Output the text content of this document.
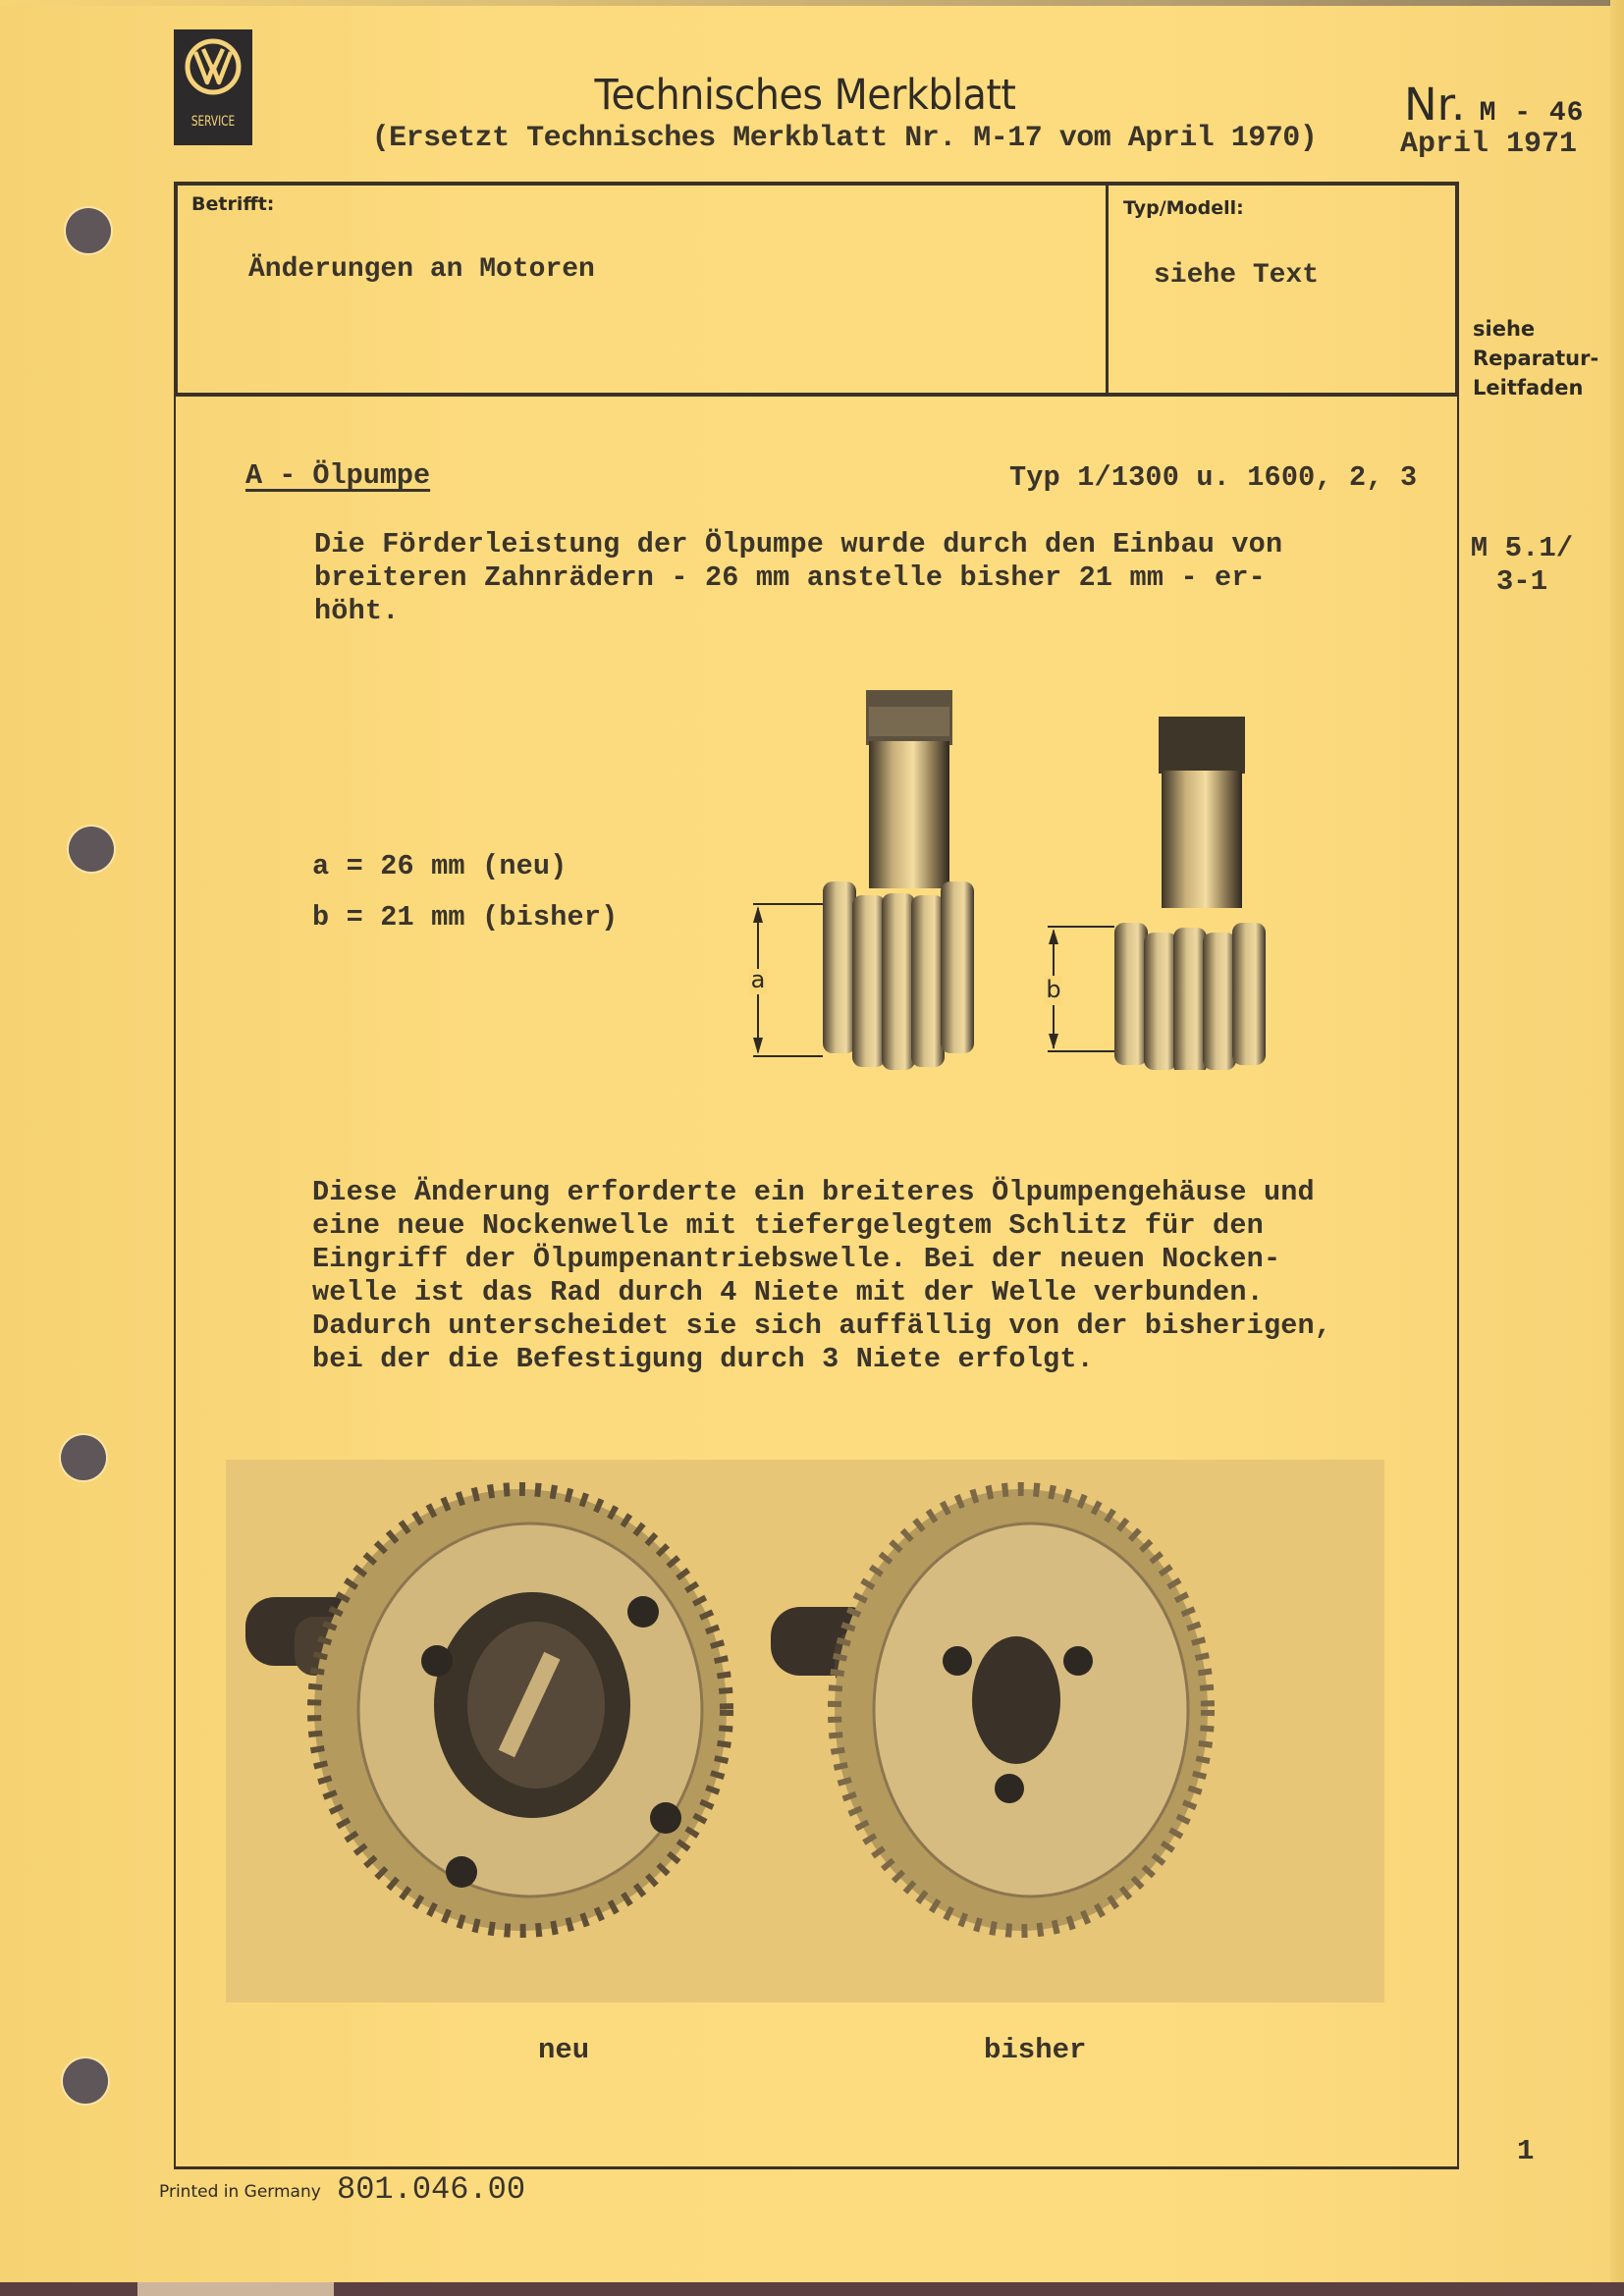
SERVICE
Technisches Merkblatt
(Ersetzt Technisches Merkblatt Nr. M-17 vom April 1970)
Nr. M - 46
April 1971
Betrifft:
Änderungen an Motoren
Typ/Modell:
siehe Text
siehe
Reparatur-
Leitfaden
M 5.1/
3-1
A - Ölpumpe	Typ 1/1300 u. 1600, 2, 3
Die Förderleistung der Ölpumpe wurde durch den Einbau von
breiteren Zahnrädern - 26 mm anstelle bisher 21 mm - er-
höht.
a = 26 mm (neu)
b = 21 mm (bisher)
a	b
Diese Änderung erforderte ein breiteres Ölpumpengehäuse und
eine neue Nockenwelle mit tiefergelegtem Schlitz für den
Eingriff der Ölpumpenantriebswelle. Bei der neuen Nocken-
welle ist das Rad durch 4 Niete mit der Welle verbunden.
Dadurch unterscheidet sie sich auffällig von der bisherigen,
bei der die Befestigung durch 3 Niete erfolgt.
neu	bisher
1
Printed in Germany 801.046.00
